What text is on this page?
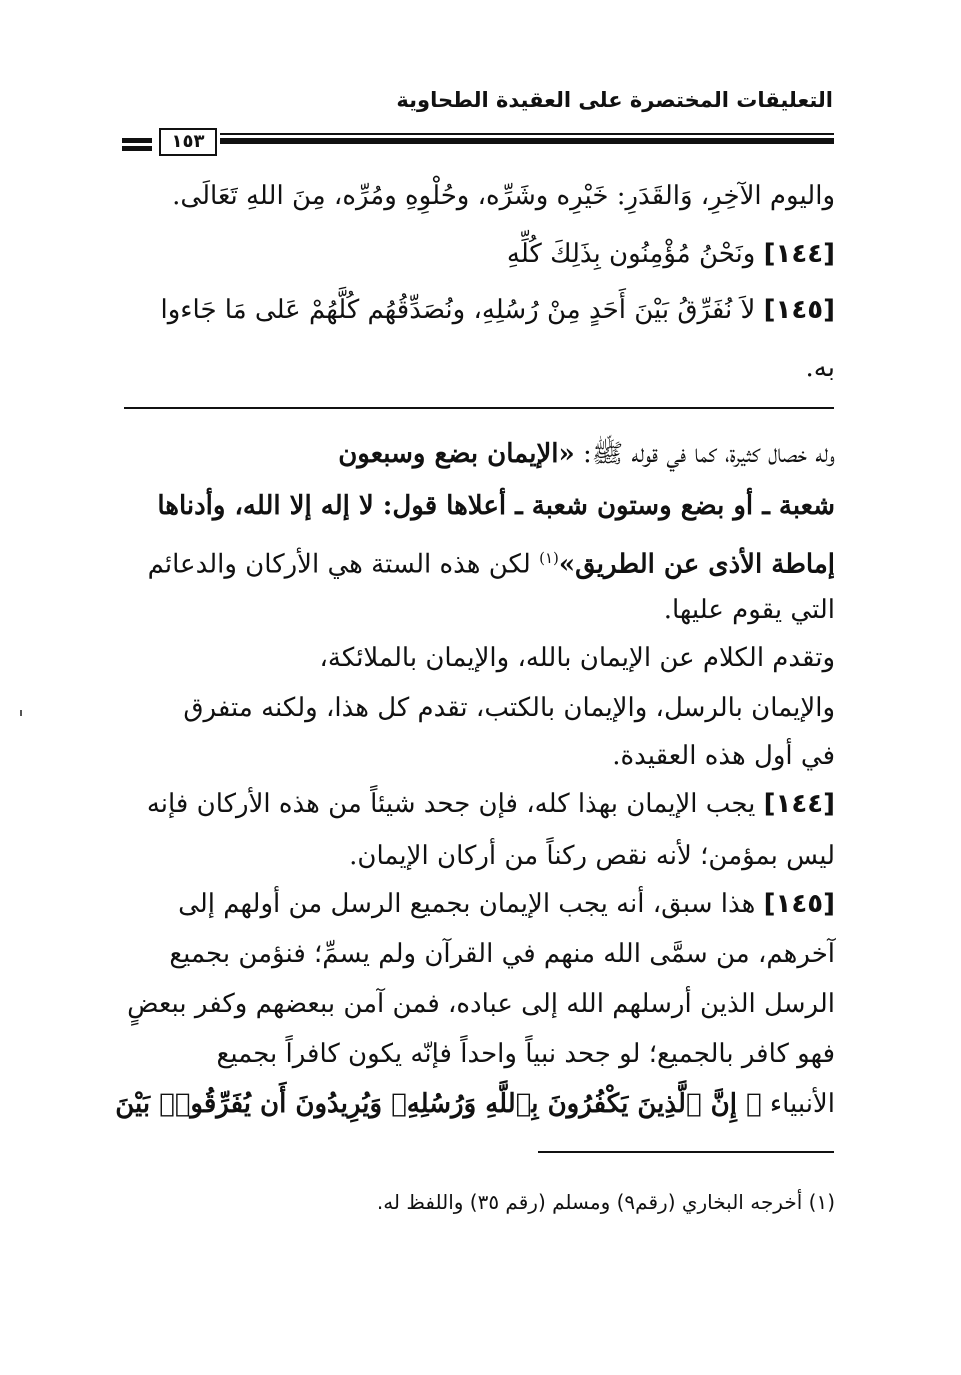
التعليقات المختصرة على العقيدة الطحاوية
١٥٣
واليوم الآخِرِ، وَالقَدَرِ: خَيْرِه وشَرِّه، وحُلْوِهِ ومُرِّه، مِنَ اللهِ تَعَالَى.
[١٤٤] ونَحْنُ مُؤْمِنُون بِذَلِكَ كُلِّهِ
[١٤٥] لاَ نُفَرِّقُ بَيْنَ أَحَدٍ مِنْ رُسُلِهِ، ونُصَدِّقُهُم كُلَّهُمْ عَلى مَا جَاءوا
به.
وله خصال كثيرة، كما في قوله ﷺ: «الإيمان بضع وسبعون
شعبة ـ أو بضع وستون شعبة ـ أعلاها قول: لا إله إلا الله، وأدناها
إماطة الأذى عن الطريق»$^{(١)}$ لكن هذه الستة هي الأركان والدعائم
التي يقوم عليها.
وتقدم الكلام عن الإيمان بالله، والإيمان بالملائكة،
والإيمان بالرسل، والإيمان بالكتب، تقدم كل هذا، ولكنه متفرق
في أول هذه العقيدة.
[١٤٤] يجب الإيمان بهذا كله، فإن جحد شيئاً من هذه الأركان فإنه
ليس بمؤمن؛ لأنه نقص ركناً من أركان الإيمان.
[١٤٥] هذا سبق، أنه يجب الإيمان بجميع الرسل من أولهم إلى
آخرهم، من سمَّى الله منهم في القرآن ولم يسمِّ؛ فنؤمن بجميع
الرسل الذين أرسلهم الله إلى عباده، فمن آمن ببعضهم وكفر ببعضٍ
فهو كافر بالجميع؛ لو جحد نبياً واحداً فإنّه يكون كافراً بجميع
الأنبياء ﴿ إِنَّ ٱلَّذِينَ يَكْفُرُونَ بِٱللَّهِ وَرُسُلِهِۦ وَيُرِيدُونَ أَن يُفَرِّقُوا۟ بَيْنَ
(١) أخرجه البخاري (رقم٩) ومسلم (رقم ٣٥) واللفظ له.
